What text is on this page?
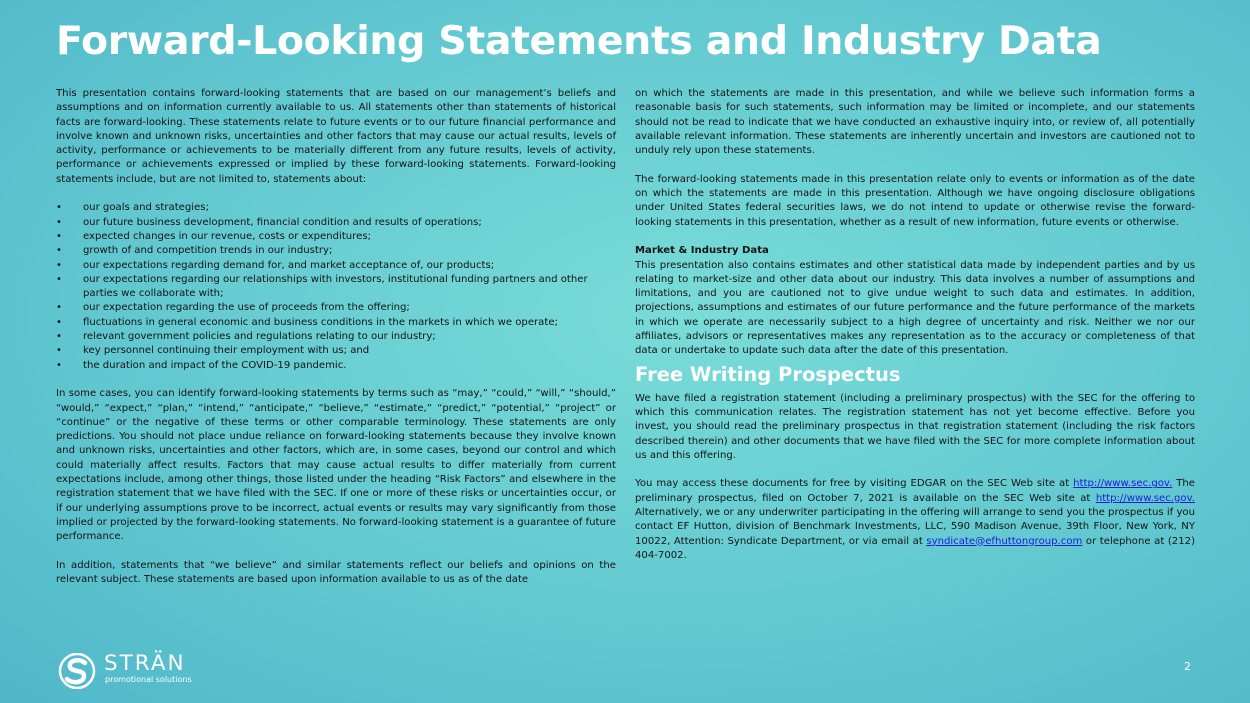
Forward-Looking Statements and Industry Data

This presentation contains forward-looking statements that are based on our management’s beliefs and assumptions and on information currently available to us. All statements other than statements of historical facts are forward-looking. These statements relate to future events or to our future financial performance and involve known and unknown risks, uncertainties and other factors that may cause our actual results, levels of activity, performance or achievements to be materially different from any future results, levels of activity, performance or achievements expressed or implied by these forward-looking statements. Forward-looking statements include, but are not limited to, statements about:

• our goals and strategies;
• our future business development, financial condition and results of operations;
• expected changes in our revenue, costs or expenditures;
• growth of and competition trends in our industry;
• our expectations regarding demand for, and market acceptance of, our products;
• our expectations regarding our relationships with investors, institutional funding partners and other parties we collaborate with;
• our expectation regarding the use of proceeds from the offering;
• fluctuations in general economic and business conditions in the markets in which we operate;
• relevant government policies and regulations relating to our industry;
• key personnel continuing their employment with us; and
• the duration and impact of the COVID-19 pandemic.

In some cases, you can identify forward-looking statements by terms such as “may,” “could,” “will,” “should,” “would,” “expect,” “plan,” “intend,” “anticipate,” “believe,” “estimate,” “predict,” “potential,” “project” or “continue” or the negative of these terms or other comparable terminology. These statements are only predictions. You should not place undue reliance on forward-looking statements because they involve known and unknown risks, uncertainties and other factors, which are, in some cases, beyond our control and which could materially affect results. Factors that may cause actual results to differ materially from current expectations include, among other things, those listed under the heading “Risk Factors” and elsewhere in the registration statement that we have filed with the SEC. If one or more of these risks or uncertainties occur, or if our underlying assumptions prove to be incorrect, actual events or results may vary significantly from those implied or projected by the forward-looking statements. No forward-looking statement is a guarantee of future performance.

In addition, statements that “we believe” and similar statements reflect our beliefs and opinions on the relevant subject. These statements are based upon information available to us as of the date

on which the statements are made in this presentation, and while we believe such information forms a reasonable basis for such statements, such information may be limited or incomplete, and our statements should not be read to indicate that we have conducted an exhaustive inquiry into, or review of, all potentially available relevant information. These statements are inherently uncertain and investors are cautioned not to unduly rely upon these statements.

The forward-looking statements made in this presentation relate only to events or information as of the date on which the statements are made in this presentation. Although we have ongoing disclosure obligations under United States federal securities laws, we do not intend to update or otherwise revise the forward-looking statements in this presentation, whether as a result of new information, future events or otherwise.

Market & Industry Data

This presentation also contains estimates and other statistical data made by independent parties and by us relating to market-size and other data about our industry. This data involves a number of assumptions and limitations, and you are cautioned not to give undue weight to such data and estimates. In addition, projections, assumptions and estimates of our future performance and the future performance of the markets in which we operate are necessarily subject to a high degree of uncertainty and risk. Neither we nor our affiliates, advisors or representatives makes any representation as to the accuracy or completeness of that data or undertake to update such data after the date of this presentation.

Free Writing Prospectus

We have filed a registration statement (including a preliminary prospectus) with the SEC for the offering to which this communication relates. The registration statement has not yet become effective. Before you invest, you should read the preliminary prospectus in that registration statement (including the risk factors described therein) and other documents that we have filed with the SEC for more complete information about us and this offering.

You may access these documents for free by visiting EDGAR on the SEC Web site at http://www.sec.gov. The preliminary prospectus, filed on October 7, 2021 is available on the SEC Web site at http://www.sec.gov. Alternatively, we or any underwriter participating in the offering will arrange to send you the prospectus if you contact EF Hutton, division of Benchmark Investments, LLC, 590 Madison Avenue, 39th Floor, New York, NY 10022, Attention: Syndicate Department, or via email at syndicate@efhuttongroup.com or telephone at (212) 404-7002.

STRÄN
promotional solutions
2
